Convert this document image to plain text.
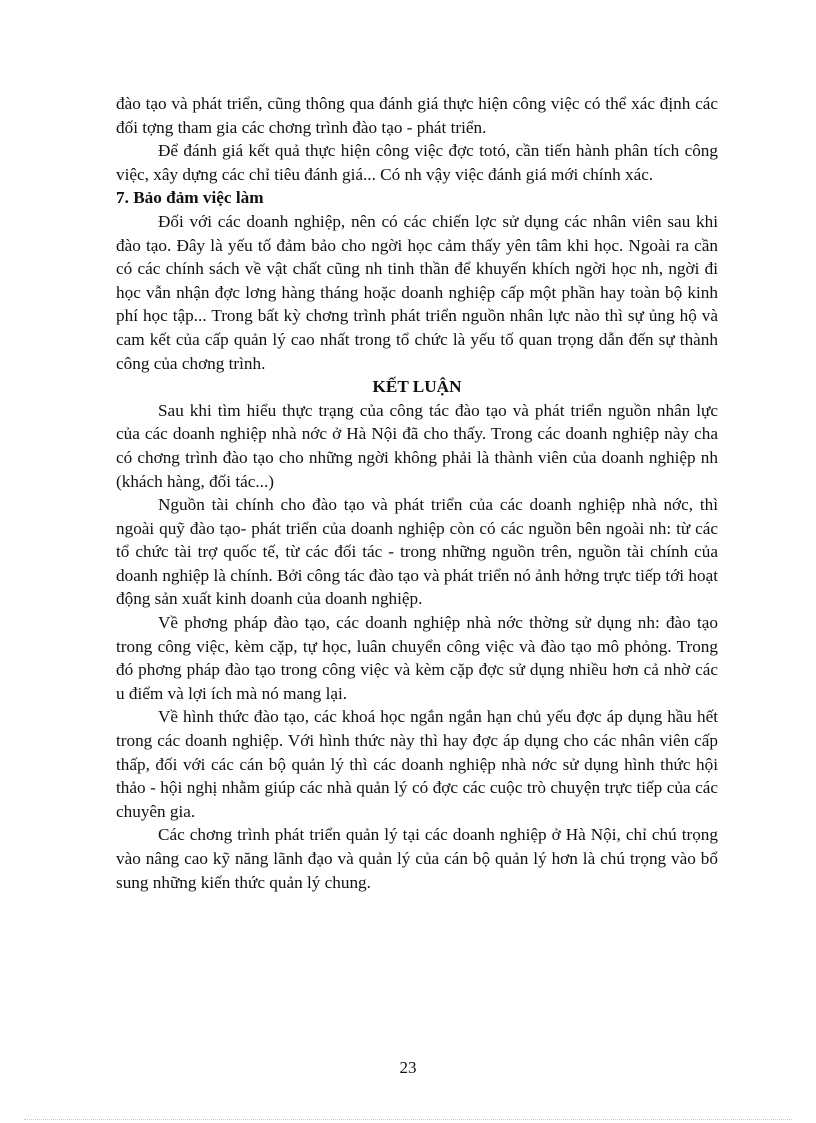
đào tạo và phát triển, cũng thông qua đánh giá thực hiện công việc có thể xác định các đối tợng tham gia các chơng trình đào tạo - phát triển.

Để đánh giá kết quả thực hiện công việc đợc totó, cần tiến hành phân tích công việc, xây dựng các chỉ tiêu đánh giá... Có nh vậy việc đánh giá mới chính xác.

7. Bảo đảm việc làm

Đối với các doanh nghiệp, nên có các chiến lợc sử dụng các nhân viên sau khi đào tạo. Đây là yếu tố đảm bảo cho ngời học cảm thấy yên tâm khi học. Ngoài ra cần có các chính sách về vật chất cũng nh tinh thần để khuyến khích ngời học nh, ngời đi học vẫn nhận đợc lơng hàng tháng hoặc doanh nghiệp cấp một phần hay toàn bộ kinh phí học tập... Trong bất kỳ chơng trình phát triển nguồn nhân lực nào thì sự ủng hộ và cam kết của cấp quản lý cao nhất trong tổ chức là yếu tố quan trọng dẫn đến sự thành công của chơng trình.

KẾT LUẬN

Sau khi tìm hiểu thực trạng của công tác đào tạo và phát triển nguồn nhân lực của các doanh nghiệp nhà nớc ở Hà Nội đã cho thấy. Trong các doanh nghiệp này cha có chơng trình đào tạo cho những ngời không phải là thành viên của doanh nghiệp nh (khách hàng, đối tác...)

Nguồn tài chính cho đào tạo và phát triển của các doanh nghiệp nhà nớc, thì ngoài quỹ đào tạo- phát triển của doanh nghiệp còn có các nguồn bên ngoài nh: từ các tổ chức tài trợ quốc tế, từ các đối tác - trong những nguồn trên, nguồn tài chính của doanh nghiệp là chính. Bởi công tác đào tạo và phát triển nó ảnh hởng trực tiếp tới hoạt động sản xuất kinh doanh của doanh nghiệp.

Về phơng pháp đào tạo, các doanh nghiệp nhà nớc thờng sử dụng nh: đào tạo trong công việc, kèm cặp, tự học, luân chuyển công việc và đào tạo mô phỏng. Trong đó phơng pháp đào tạo trong công việc và kèm cặp đợc sử dụng nhiều hơn cả nhờ các u điểm và lợi ích mà nó mang lại.

Về hình thức đào tạo, các khoá học ngắn ngắn hạn chủ yếu đợc áp dụng hầu hết trong các doanh nghiệp. Với hình thức này thì hay đợc áp dụng cho các nhân viên cấp thấp, đối với các cán bộ quản lý thì các doanh nghiệp nhà nớc sử dụng hình thức hội thảo - hội nghị nhằm giúp các nhà quản lý có đợc các cuộc trò chuyện trực tiếp của các chuyên gia.

Các chơng trình phát triển quản lý tại các doanh nghiệp ở Hà Nội, chỉ chú trọng vào nâng cao kỹ năng lãnh đạo và quản lý của cán bộ quản lý hơn là chú trọng vào bổ sung những kiến thức quản lý chung.

23
